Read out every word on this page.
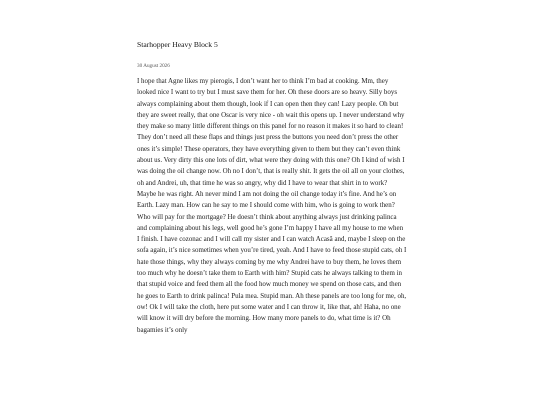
Starhopper Heavy Block 5
30 August 2026

I hope that Agne likes my pierogis, I don’t want her to think I’m bad at cooking. Mm, they looked nice I want to try but I must save them for her. Oh these doors are so heavy. Silly boys always complaining about them though, look if I can open then they can! Lazy people. Oh but they are sweet really, that one Oscar is very nice - oh wait this opens up. I never understand why they make so many little different things on this panel for no reason it makes it so hard to clean! They don’t need all these flaps and things just press the buttons you need don’t press the other ones it’s simple! These operators, they have everything given to them but they can’t even think about us. Very dirty this one lots of dirt, what were they doing with this one? Oh I kind of wish I was doing the oil change now. Oh no I don’t, that is really shit. It gets the oil all on your clothes, oh and Andrei, uh, that time he was so angry, why did I have to wear that shirt in to work? Maybe he was right. Ah never mind I am not doing the oil change today it’s fine. And he’s on Earth. Lazy man. How can he say to me I should come with him, who is going to work then? Who will pay for the mortgage? He doesn’t think about anything always just drinking palinca and complaining about his legs, well good he’s gone I’m happy I have all my house to me when I finish. I have cozonac and I will call my sister and I can watch Acasă and, maybe I sleep on the sofa again, it’s nice sometimes when you’re tired, yeah. And I have to feed those stupid cats, oh I hate those things, why they always coming by me why Andrei have to buy them, he loves them too much why he doesn’t take them to Earth with him? Stupid cats he always talking to them in that stupid voice and feed them all the food how much money we spend on those cats, and then he goes to Earth to drink palinca! Pula mea. Stupid man. Ah these panels are too long for me, oh, ow! Ok I will take the cloth, here put some water and I can throw it, like that, ah! Haha, no one will know it will dry before the morning. How many more panels to do, what time is it? Oh bagamies it’s only
